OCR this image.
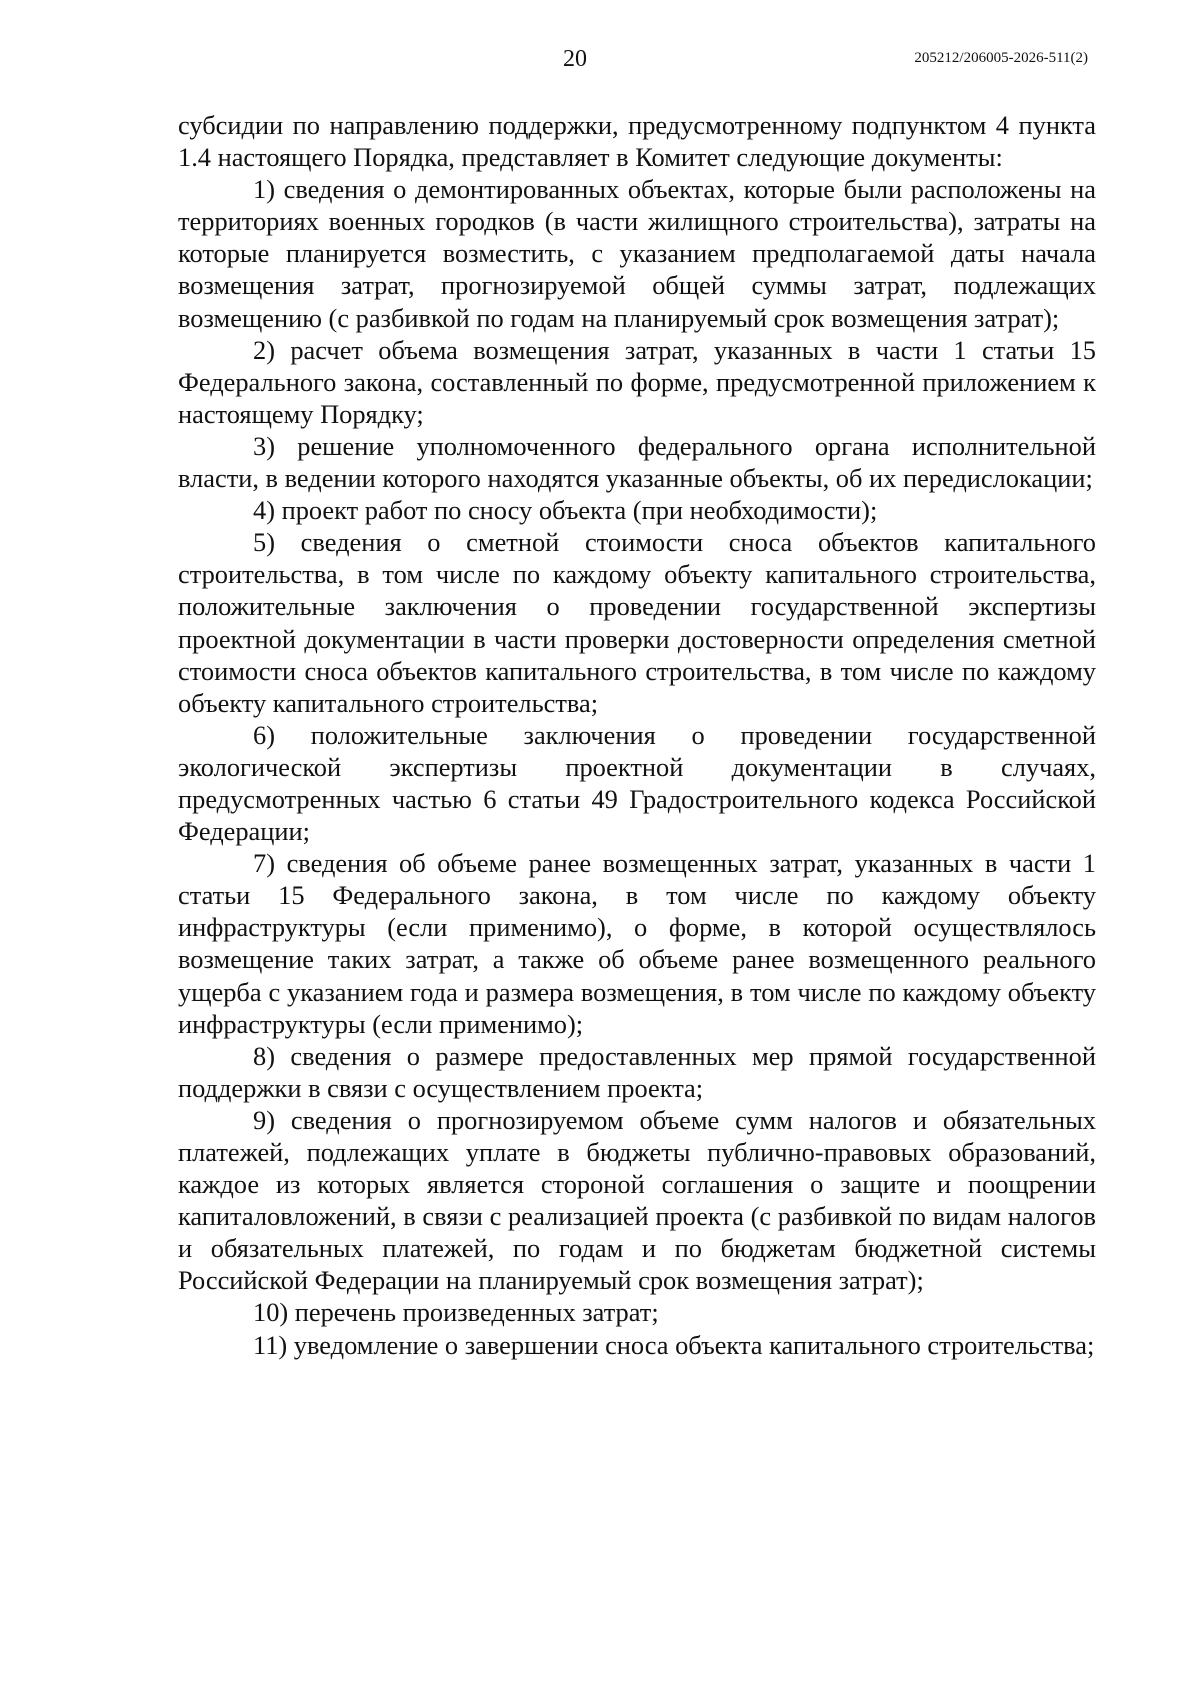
20	205212/206005-2026-511(2)

субсидии по направлению поддержки, предусмотренному подпунктом 4 пункта 1.4 настоящего Порядка, представляет в Комитет следующие документы:

1) сведения о демонтированных объектах, которые были расположены на территориях военных городков (в части жилищного строительства), затраты на которые планируется возместить, с указанием предполагаемой даты начала возмещения затрат, прогнозируемой общей суммы затрат, подлежащих возмещению (с разбивкой по годам на планируемый срок возмещения затрат);

2) расчет объема возмещения затрат, указанных в части 1 статьи 15 Федерального закона, составленный по форме, предусмотренной приложением к настоящему Порядку;

3) решение уполномоченного федерального органа исполнительной власти, в ведении которого находятся указанные объекты, об их передислокации;

4) проект работ по сносу объекта (при необходимости);

5) сведения о сметной стоимости сноса объектов капитального строительства, в том числе по каждому объекту капитального строительства, положительные заключения о проведении государственной экспертизы проектной документации в части проверки достоверности определения сметной стоимости сноса объектов капитального строительства, в том числе по каждому объекту капитального строительства;

6) положительные заключения о проведении государственной экологической экспертизы проектной документации в случаях, предусмотренных частью 6 статьи 49 Градостроительного кодекса Российской Федерации;

7) сведения об объеме ранее возмещенных затрат, указанных в части 1 статьи 15 Федерального закона, в том числе по каждому объекту инфраструктуры (если применимо), о форме, в которой осуществлялось возмещение таких затрат, а также об объеме ранее возмещенного реального ущерба с указанием года и размера возмещения, в том числе по каждому объекту инфраструктуры (если применимо);

8) сведения о размере предоставленных мер прямой государственной поддержки в связи с осуществлением проекта;

9) сведения о прогнозируемом объеме сумм налогов и обязательных платежей, подлежащих уплате в бюджеты публично-правовых образований, каждое из которых является стороной соглашения о защите и поощрении капиталовложений, в связи с реализацией проекта (с разбивкой по видам налогов и обязательных платежей, по годам и по бюджетам бюджетной системы Российской Федерации на планируемый срок возмещения затрат);

10) перечень произведенных затрат;

11) уведомление о завершении сноса объекта капитального строительства;
